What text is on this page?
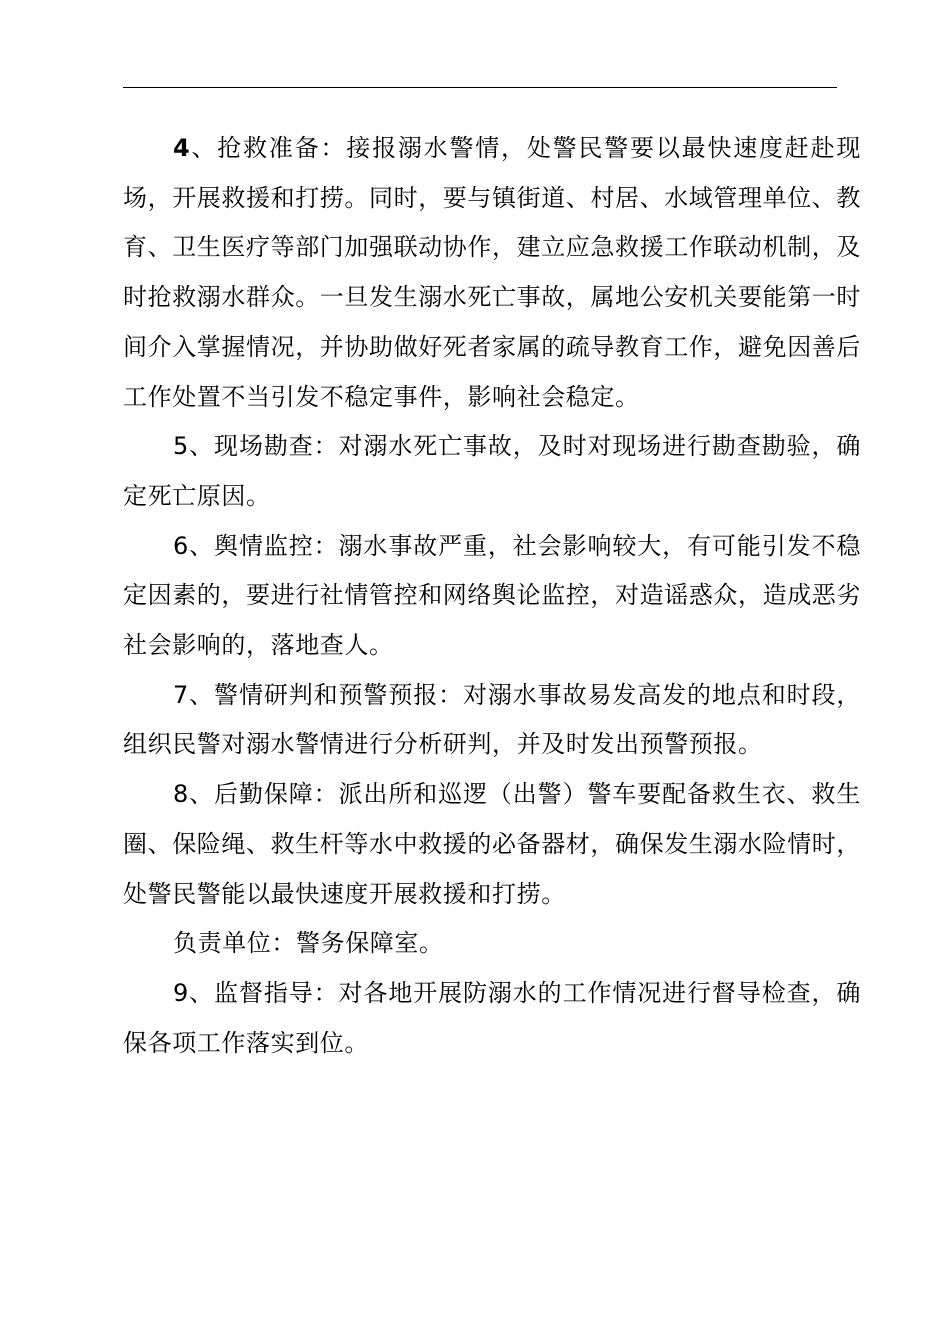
4、抢救准备：接报溺水警情，处警民警要以最快速度赶赴现场，开展救援和打捞。同时，要与镇街道、村居、水域管理单位、教育、卫生医疗等部门加强联动协作，建立应急救援工作联动机制，及时抢救溺水群众。一旦发生溺水死亡事故，属地公安机关要能第一时间介入掌握情况，并协助做好死者家属的疏导教育工作，避免因善后工作处置不当引发不稳定事件，影响社会稳定。

5、现场勘查：对溺水死亡事故，及时对现场进行勘查勘验，确定死亡原因。

6、舆情监控：溺水事故严重，社会影响较大，有可能引发不稳定因素的，要进行社情管控和网络舆论监控，对造谣惑众，造成恶劣社会影响的，落地查人。

7、警情研判和预警预报：对溺水事故易发高发的地点和时段，组织民警对溺水警情进行分析研判，并及时发出预警预报。

8、后勤保障：派出所和巡逻（出警）警车要配备救生衣、救生圈、保险绳、救生杆等水中救援的必备器材，确保发生溺水险情时，处警民警能以最快速度开展救援和打捞。

负责单位：警务保障室。

9、监督指导：对各地开展防溺水的工作情况进行督导检查，确保各项工作落实到位。
